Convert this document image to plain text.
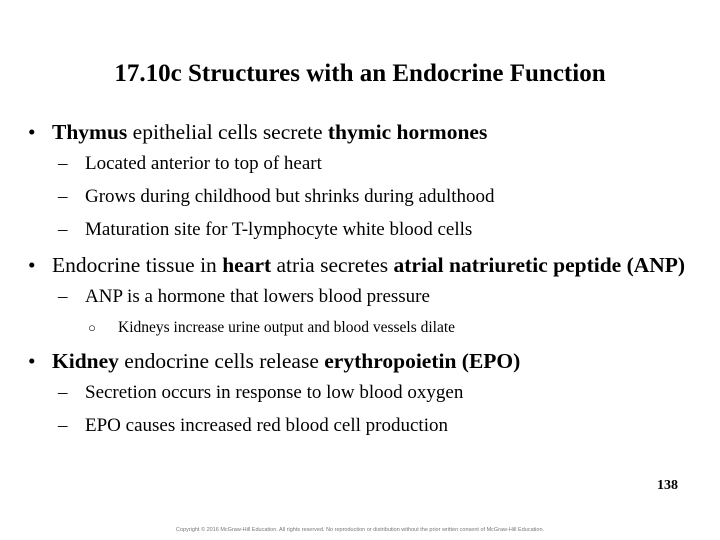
17.10c Structures with an Endocrine Function
• Thymus epithelial cells secrete thymic hormones
– Located anterior to top of heart
– Grows during childhood but shrinks during adulthood
– Maturation site for T-lymphocyte white blood cells
• Endocrine tissue in heart atria secretes atrial natriuretic peptide (ANP)
– ANP is a hormone that lowers blood pressure
○ Kidneys increase urine output and blood vessels dilate
• Kidney endocrine cells release erythropoietin (EPO)
– Secretion occurs in response to low blood oxygen
– EPO causes increased red blood cell production
138
Copyright © 2016 McGraw-Hill Education. All rights reserved. No reproduction or distribution without the prior written consent of McGraw-Hill Education.
